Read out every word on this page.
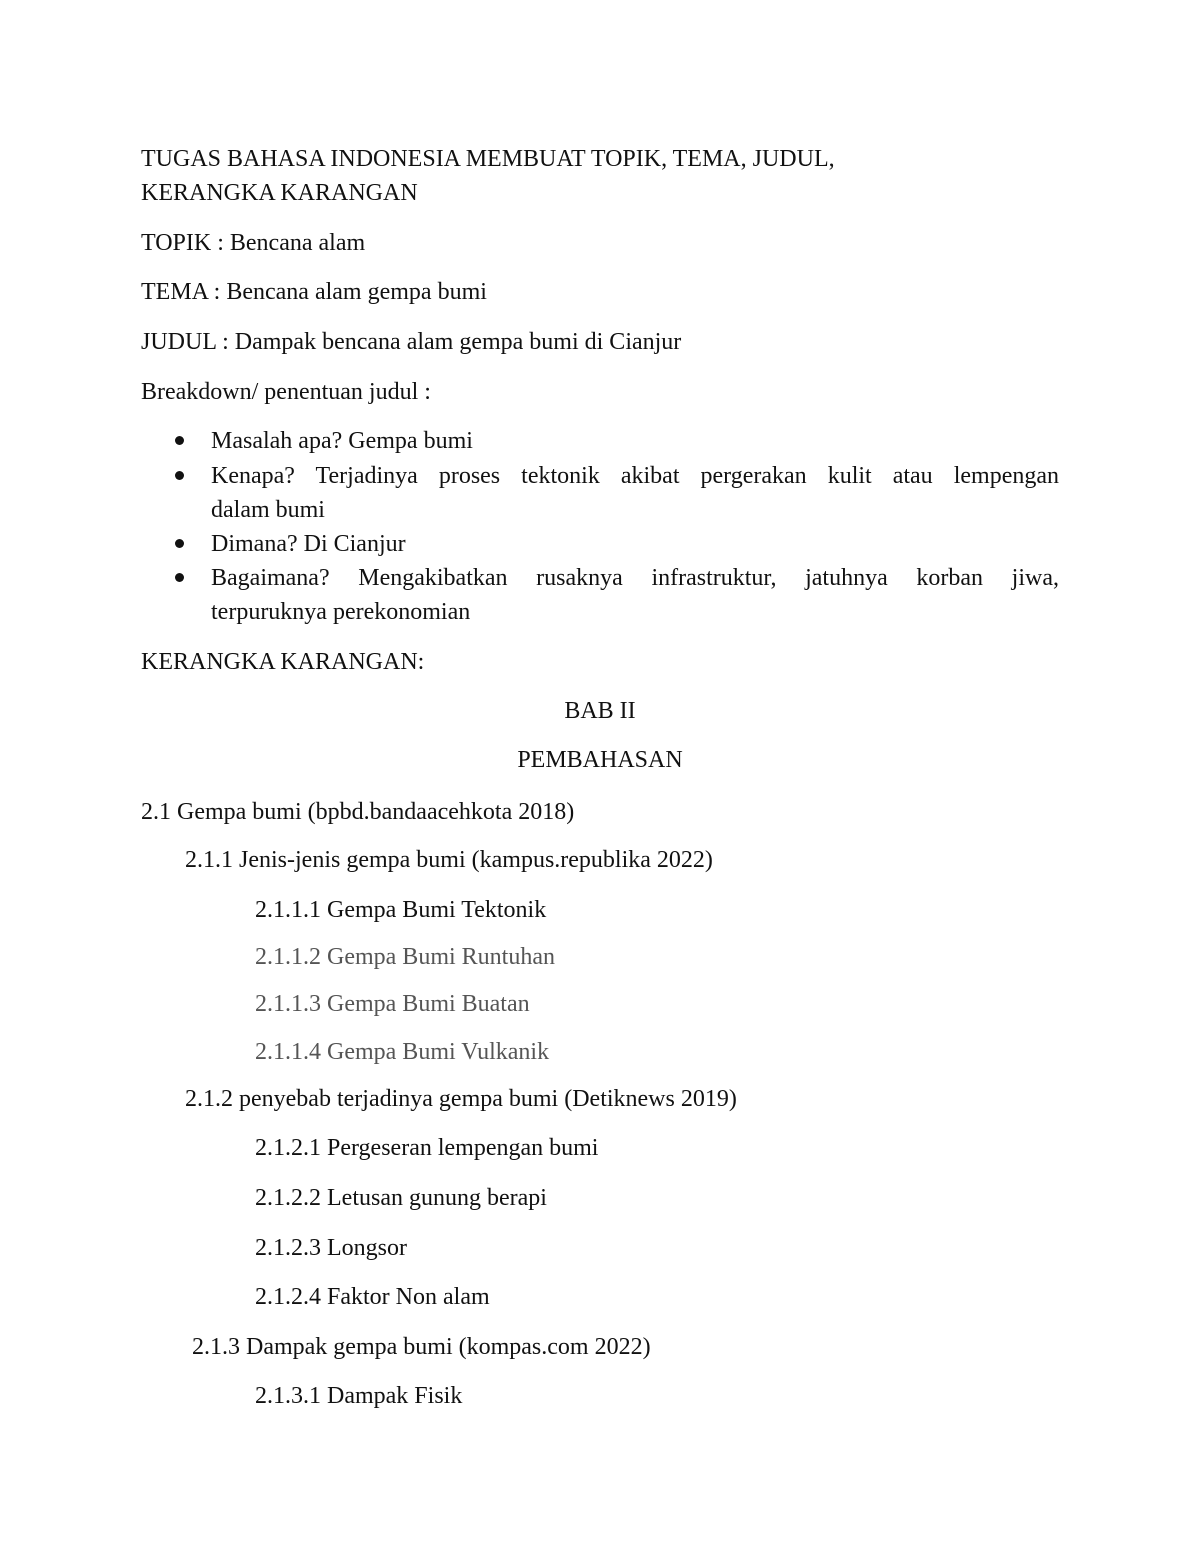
TUGAS BAHASA INDONESIA MEMBUAT TOPIK, TEMA, JUDUL,
KERANGKA KARANGAN
TOPIK : Bencana alam
TEMA : Bencana alam gempa bumi
JUDUL : Dampak bencana alam gempa bumi di Cianjur
Breakdown/ penentuan judul :
Masalah apa? Gempa bumi
Kenapa? Terjadinya proses tektonik akibat pergerakan kulit atau lempengan
dalam bumi
Dimana? Di Cianjur
Bagaimana? Mengakibatkan rusaknya infrastruktur, jatuhnya korban jiwa,
terpuruknya perekonomian
KERANGKA KARANGAN:
BAB II
PEMBAHASAN
2.1 Gempa bumi (bpbd.bandaacehkota 2018)
2.1.1 Jenis-jenis gempa bumi (kampus.republika 2022)
2.1.1.1 Gempa Bumi Tektonik
2.1.1.2 Gempa Bumi Runtuhan
2.1.1.3 Gempa Bumi Buatan
2.1.1.4 Gempa Bumi Vulkanik
2.1.2 penyebab terjadinya gempa bumi (Detiknews 2019)
2.1.2.1 Pergeseran lempengan bumi
2.1.2.2 Letusan gunung berapi
2.1.2.3 Longsor
2.1.2.4 Faktor Non alam
2.1.3 Dampak gempa bumi (kompas.com 2022)
2.1.3.1 Dampak Fisik
